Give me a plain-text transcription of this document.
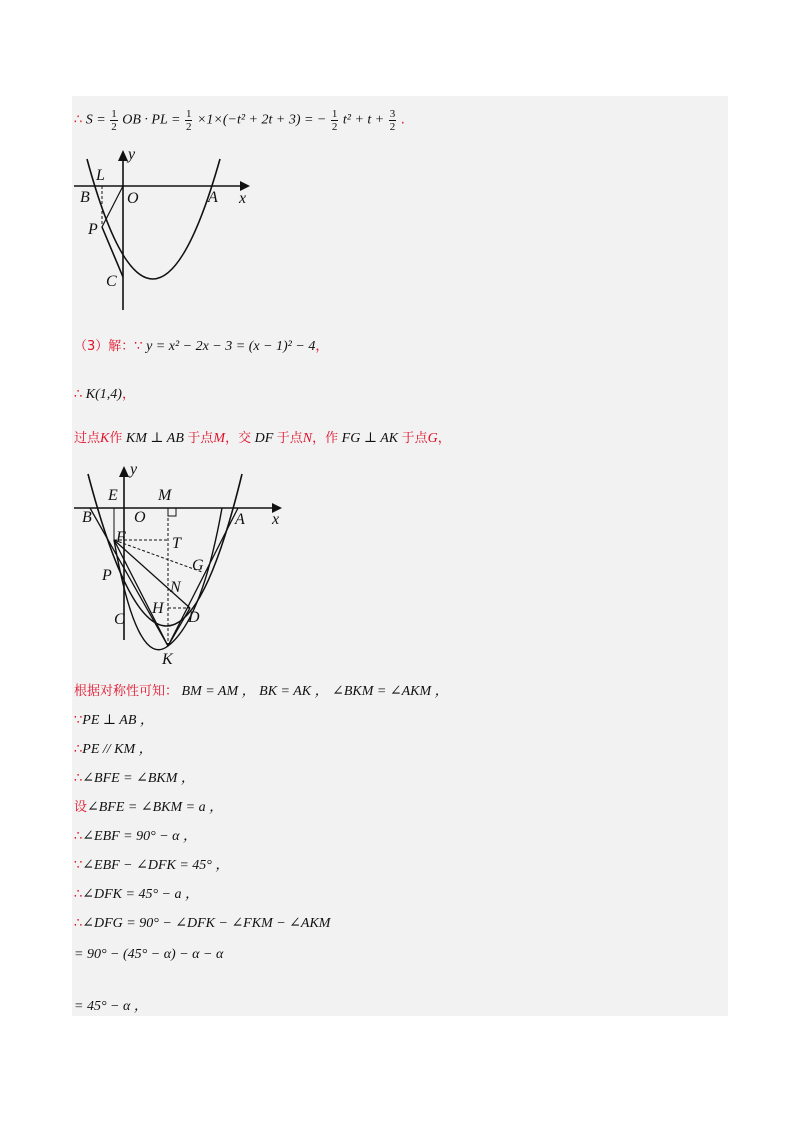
∴ $S = \frac{1}{2}$ OB · PL = $\frac{1}{2} \times 1\times(-t^2 + 2t + 3)$ = − $\frac{1}{2} t^2 + t + \frac{3}{2}$ .
y
L
B O	A x
P
C
（3）解：∵ y = x² − 2x − 3 = (x − 1)² − 4，
∴ K(1,4)，
过点K作 KM ⊥ AB 于点M，交 DF 于点N，作 FG ⊥ AK 于点G，
y
E	M
B	O	A x
F	T
G
P
N
H
D
C
K
根据对称性可知： BM = AM ， BK = AK ， ∠BKM = ∠AKM ，
∵PE ⊥ AB ，
∴PE // KM ，
∴∠BFE = ∠BKM ，
设∠BFE = ∠BKM = a ，
∴∠EBF = 90° − α ，
∵∠EBF − ∠DFK = 45° ，
∴∠DFK = 45° − a ，
∴∠DFG = 90° − ∠DFK − ∠FKM − ∠AKM
= 90° − (45° − α) − α − α
= 45° − α ，
